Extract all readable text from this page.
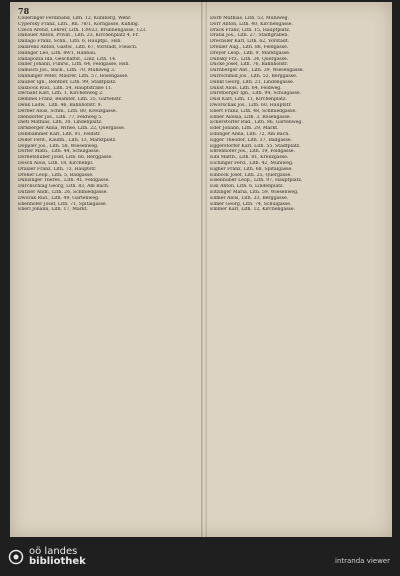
78
Cölleringer Ferdinand, Lith. 12, Kühlberg, Wehr.
Cypersky Franz, Lith., Rh. 78/1, Korngasse, Kühlbg.
Czech Arend, Lehrer, Lith. 139/23, Brunnengasse, 123.
Dabauer Anton, Privat., Lith. 23, Kirchenplatz 4, Fr.
Dallago Franz, Schn., Lith. 6, Hauptpl., Hsb.
Dalarenz Anton, Gastw., Lith. 67, Vorstadt, Fleisch.
Dalinger Leo, Lith. 89/1, Hanbau.
Dallapozza Ida, Geschäftsf., Linz, Lith. 14.
Daller Johann, Fuhrw., Lith. 64, Feldgasse, Hsb.
Damisch Jos., Bäck., Lith. 70, Mühlweg 3.
Danninger Peter, Maurer, Lith. 57, Rosengasse.
Dauber Ign., Rentner, Lith. 99, Stadtplatz.
Daxböck Rud., Lith. 54, Hauptstraße 11.
Dechant Karl, Lith. 1, Kirchenweg 2.
Demmel Franz, Beamter, Lith. 35, Gartenstr.
Denk Ludw., Lith. 46, Bahnhofstr. 9.
Derfler Alois, Schm., Lith. 80, Kreuzgasse.
Diendorfer Jos., Lith. 77, Feldweg 5.
Dietl Mathias, Lith. 30, Lindenplatz.
Dirnberger Anna, Witwe, Lith. 22, Quergasse.
Doblhammer Karl, Lith. 91, Feldstr.
Döller Ferd., Kaufm., Lith. 13, Marktplatz.
Doppler Jos., Lith. 58, Wiesenweg.
Dorfer Math., Lith. 44, Schulgasse.
Dornetshuber Josef, Lith. 66, Berggasse.
Dosch Alois, Lith. 18, Kirchenpl.
Draxler Franz, Lith. 73, Hauptstr.
Dreher Leop., Lith. 5, Badgasse.
Dunzinger Theres., Lith. 41, Feldgasse.
Durchschlag Georg, Lith. 83, Am Bach.
Dutzler Andr., Lith. 26, Schmiedgasse.
Dworak Rud., Lith. 49, Gartenweg.
Ebenhofer Josef, Lith. 71, Spitalgasse.
Eberl Johann, Lith. 17, Markt.
Dorfl Mathias, Lith. 53, Mühlweg.
Dorr Anton, Lith. 40, Kirchengasse.
Drack Franz, Lith. 15, Hauptplatz.
Drafal Jos., Lith. 27, Stadtgraben.
Drechsler Karl, Lith. 62, Vorstadt.
Drexler Aug., Lith. 88, Feldgasse.
Dreyer Leop., Lith. 9, Marktgasse.
Dubsky Frz., Lith. 34, Quergasse.
Ducke Josef, Lith. 76, Bahnhofstr.
Dürnberger Ant., Lith. 39, Wiesengasse.
Dürrschmid Jos., Lith. 52, Berggasse.
Dunkl Georg, Lith. 21, Lindengasse.
Dunst Alois, Lith. 64, Feldweg.
Durstberger Ign., Lith. 94, Schulgasse.
Dusl Karl, Lith. 11, Kirchenplatz.
Dworschak Jos., Lith. 60, Hauptstr.
Ebert Franz, Lith. 48, Schmiedgasse.
Ebner Aloisia, Lith. 3, Rosengasse.
Eckerstorfer Rud., Lith. 86, Gartenweg.
Eder Johann, Lith. 29, Markt.
Edlinger Anna, Lith. 72, Am Bach.
Egger Theodor, Lith. 37, Badgasse.
Eggerstorfer Karl, Lith. 55, Stadtplatz.
Ehrenhöfer Jos., Lith. 19, Feldgasse.
Eibl Matth., Lith. 81, Kreuzgasse.
Eichinger Ferd., Lith. 42, Mühlweg.
Eigner Franz, Lith. 68, Spitalgasse.
Einböck Josef, Lith. 25, Quergasse.
Eisenhuber Leop., Lith. 97, Hauptplatz.
Eisl Anton, Lith. 6, Lindenplatz.
Eitzinger Maria, Lith. 59, Wiesenweg.
Ellmer Alois, Lith. 33, Berggasse.
Elmer Georg, Lith. 74, Schulgasse.
Emmer Karl, Lith. 12, Kirchengasse.
oö landes
bibliothek	intranda viewer
